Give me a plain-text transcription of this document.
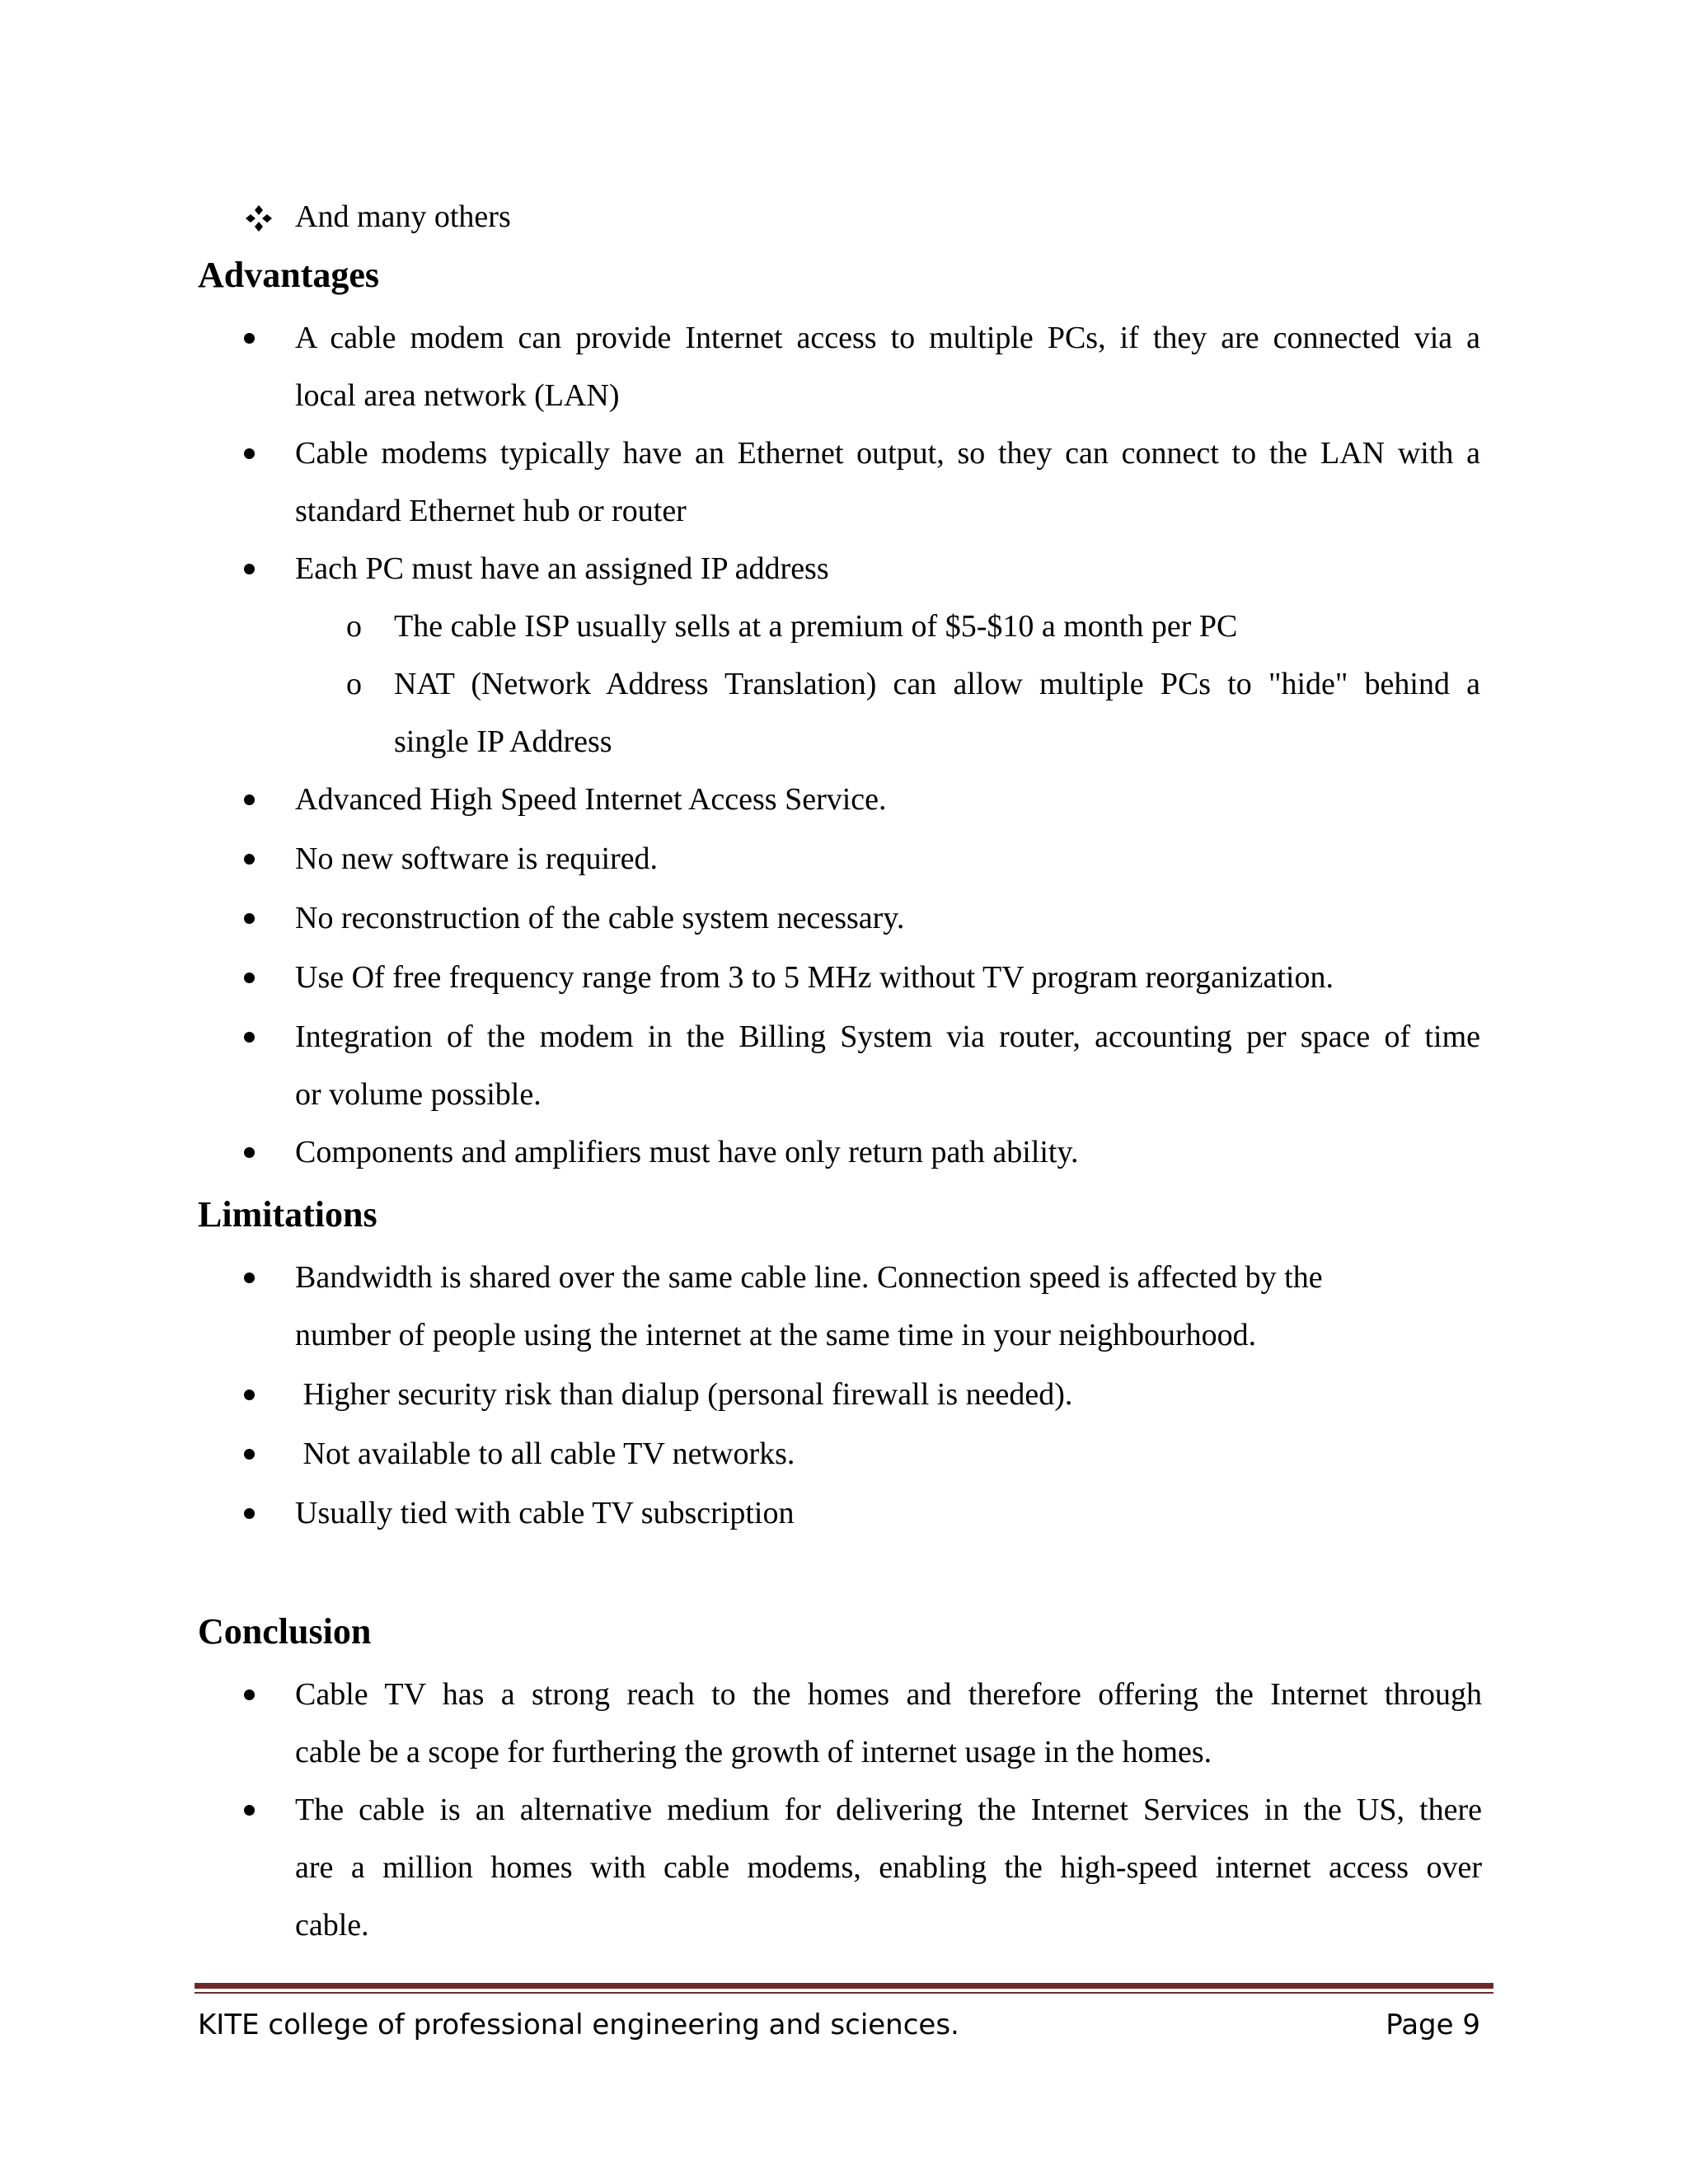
And many others
Advantages
A cable modem can provide Internet access to multiple PCs, if they are connected via a
local area network (LAN)
Cable modems typically have an Ethernet output, so they can connect to the LAN with a
standard Ethernet hub or router
Each PC must have an assigned IP address
o The cable ISP usually sells at a premium of $5-$10 a month per PC
o NAT (Network Address Translation) can allow multiple PCs to "hide" behind a
single IP Address
Advanced High Speed Internet Access Service.
No new software is required.
No reconstruction of the cable system necessary.
Use Of free frequency range from 3 to 5 MHz without TV program reorganization.
Integration of the modem in the Billing System via router, accounting per space of time
or volume possible.
Components and amplifiers must have only return path ability.
Limitations
Bandwidth is shared over the same cable line. Connection speed is affected by the
number of people using the internet at the same time in your neighbourhood.
Higher security risk than dialup (personal firewall is needed).
Not available to all cable TV networks.
Usually tied with cable TV subscription
Conclusion
Cable TV has a strong reach to the homes and therefore offering the Internet through
cable be a scope for furthering the growth of internet usage in the homes.
The cable is an alternative medium for delivering the Internet Services in the US, there
are a million homes with cable modems, enabling the high-speed internet access over
cable.
KITE college of professional engineering and sciences.	Page 9
